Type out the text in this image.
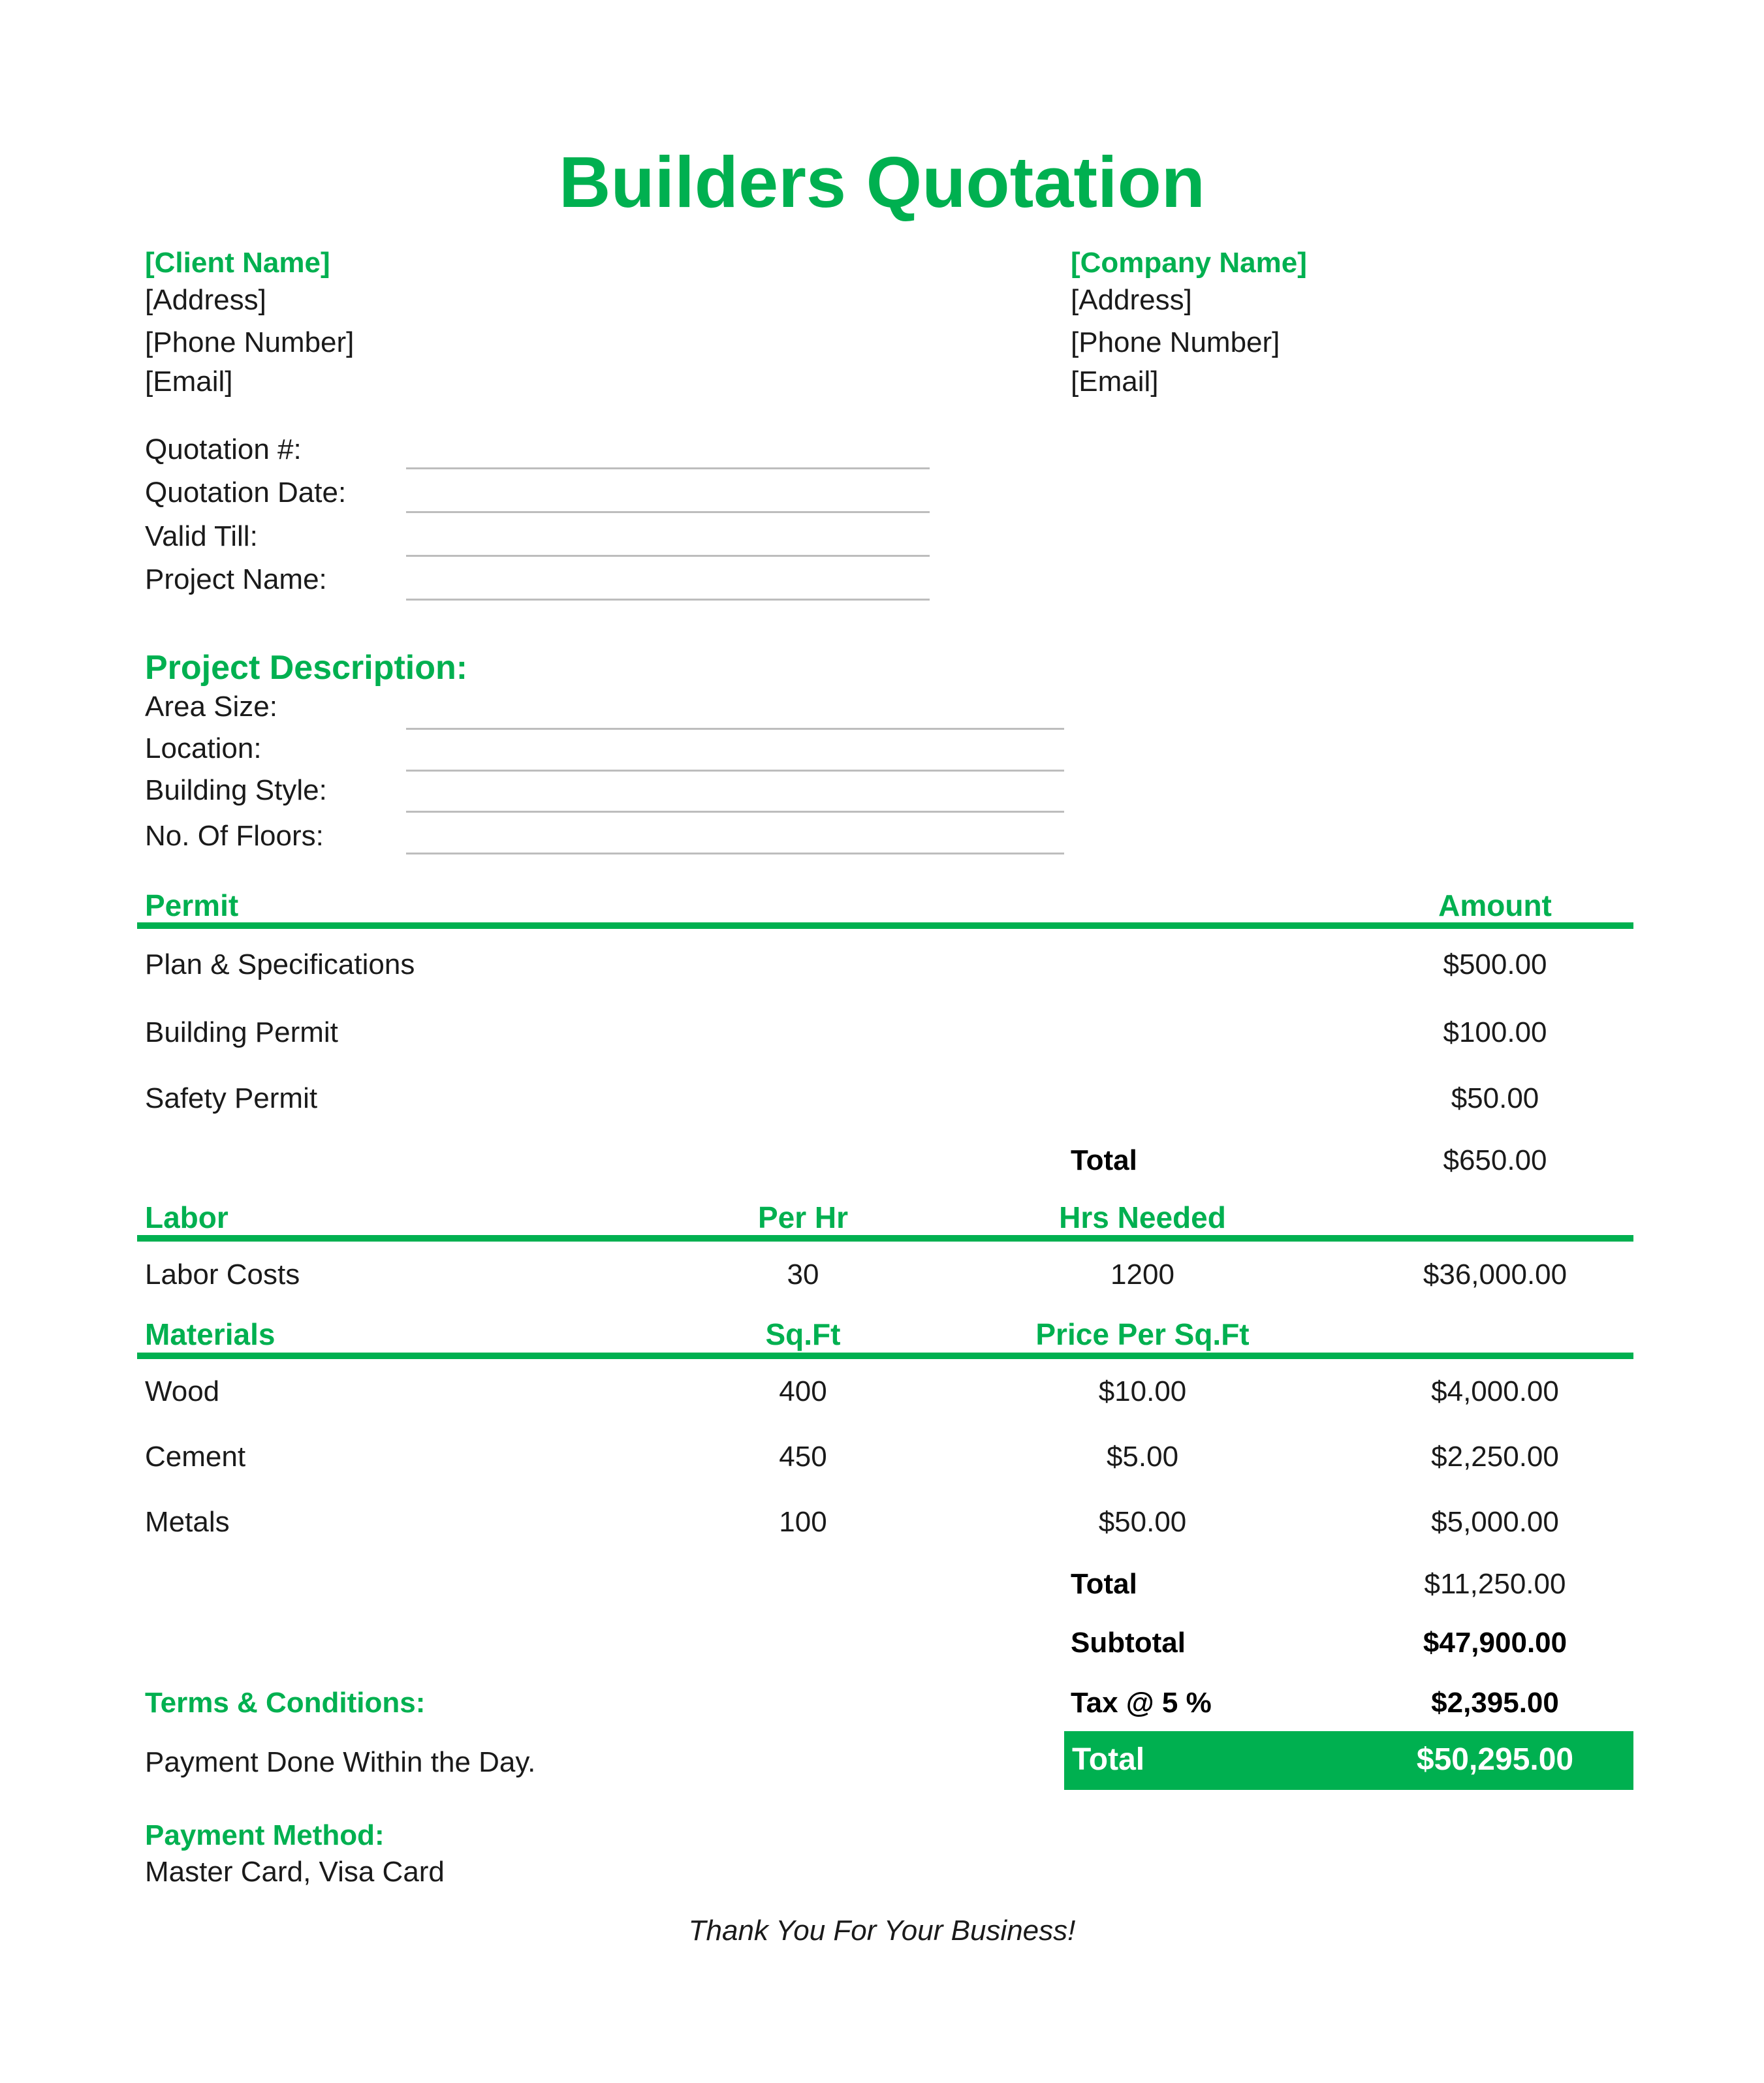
Builders Quotation
[Client Name]
[Address]
[Phone Number]
[Email]
[Company Name]
[Address]
[Phone Number]
[Email]
Quotation #:
Quotation Date:
Valid Till:
Project Name:
Project Description:
Area Size:
Location:
Building Style:
No. Of Floors:
Permit	Amount
Plan & Specifications	$500.00
Building Permit	$100.00
Safety Permit	$50.00
Total	$650.00
Labor	Per Hr	Hrs Needed
Labor Costs	30	1200	$36,000.00
Materials	Sq.Ft	Price Per Sq.Ft
Wood	400	$10.00	$4,000.00
Cement	450	$5.00	$2,250.00
Metals	100	$50.00	$5,000.00
Total	$11,250.00
Subtotal	$47,900.00
Terms & Conditions:	Tax @ 5 %	$2,395.00
Payment Done Within the Day.	Total	$50,295.00
Payment Method:
Master Card, Visa Card
Thank You For Your Business!
